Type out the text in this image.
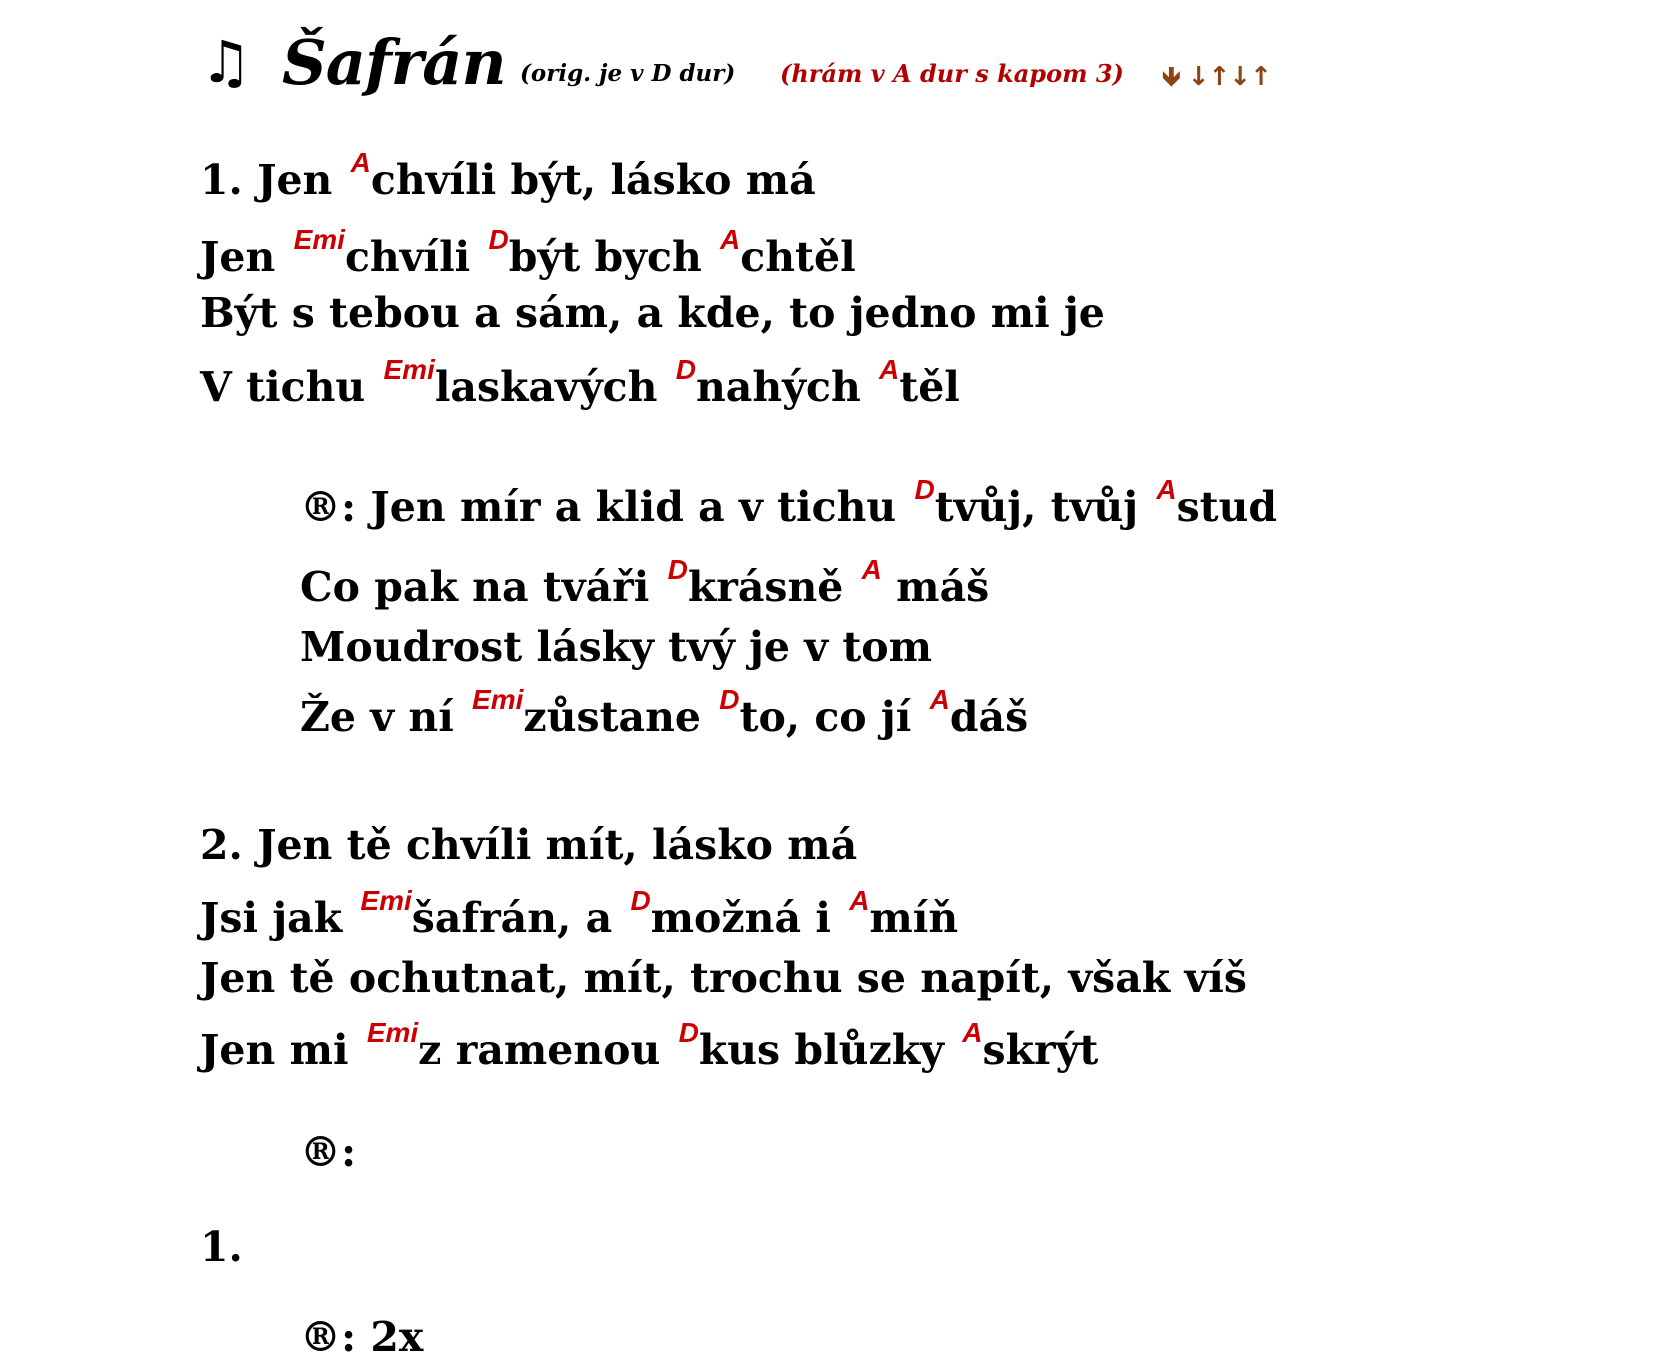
♫ Šafrán (orig. je v D dur) (hrám v A dur s kapom 3) 🡻 ↓↑↓↑
1. Jen $^A$chvíli být, lásko má
Jen $^{Emi}$chvíli $^D$být bych $^A$chtěl
Být s tebou a sám, a kde, to jedno mi je
V tichu $^{Emi}$laskavých $^D$nahých $^A$těl
®: Jen mír a klid a v tichu $^D$tvůj, tvůj $^A$stud
Co pak na tváři $^D$krásně $^A$ máš
Moudrost lásky tvý je v tom
Že v ní $^{Emi}$zůstane $^D$to, co jí $^A$dáš
2. Jen tě chvíli mít, lásko má
Jsi jak $^{Emi}$šafrán, a $^D$možná i $^A$míň
Jen tě ochutnat, mít, trochu se napít, však víš
Jen mi $^{Emi}$z ramenou $^D$kus blůzky $^A$skrýt
®:
1.
®: 2x
